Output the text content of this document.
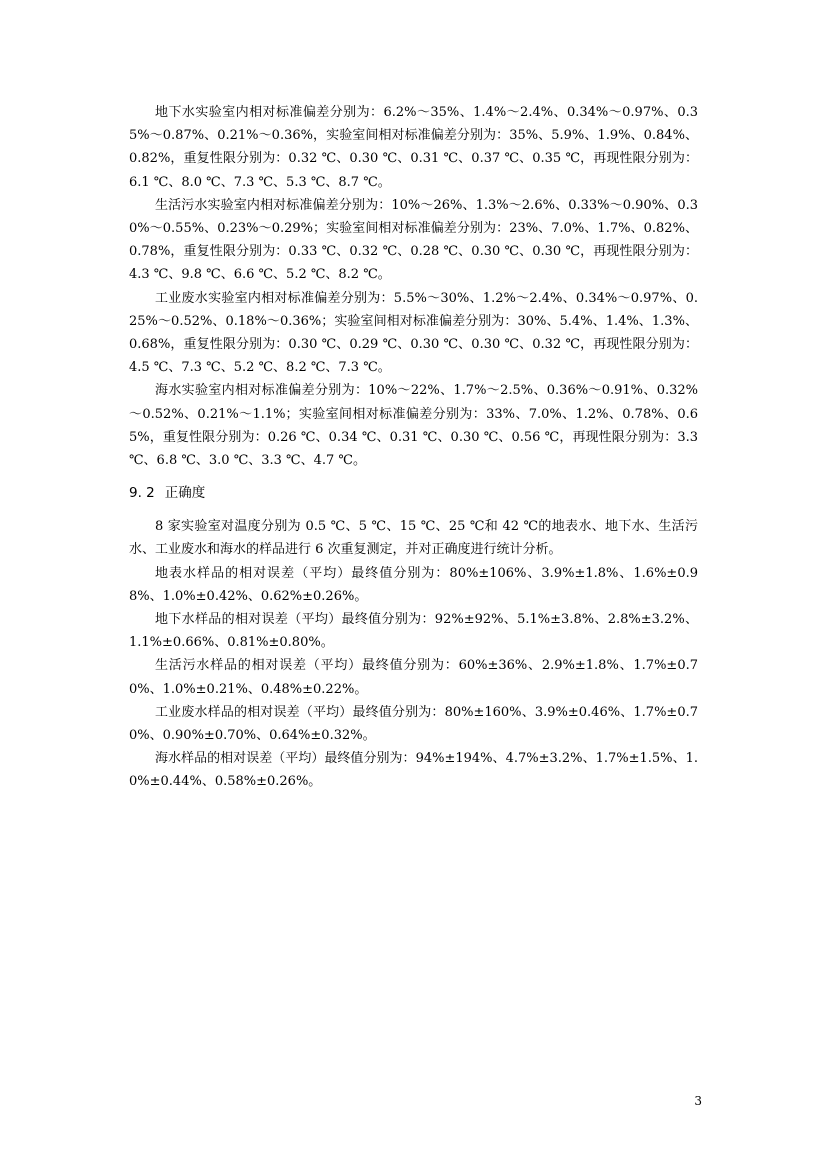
地下水实验室内相对标准偏差分别为：6.2%～35%、1.4%～2.4%、0.34%～0.97%、0.35%～0.87%、0.21%～0.36%，实验室间相对标准偏差分别为：35%、5.9%、1.9%、0.84%、0.82%，重复性限分别为：0.32 ℃、0.30 ℃、0.31 ℃、0.37 ℃、0.35 ℃，再现性限分别为：6.1 ℃、8.0 ℃、7.3 ℃、5.3 ℃、8.7 ℃。

生活污水实验室内相对标准偏差分别为：10%～26%、1.3%～2.6%、0.33%～0.90%、0.30%～0.55%、0.23%～0.29%；实验室间相对标准偏差分别为：23%、7.0%、1.7%、0.82%、0.78%，重复性限分别为：0.33 ℃、0.32 ℃、0.28 ℃、0.30 ℃、0.30 ℃，再现性限分别为：4.3 ℃、9.8 ℃、6.6 ℃、5.2 ℃、8.2 ℃。

工业废水实验室内相对标准偏差分别为：5.5%～30%、1.2%～2.4%、0.34%～0.97%、0.25%～0.52%、0.18%～0.36%；实验室间相对标准偏差分别为：30%、5.4%、1.4%、1.3%、0.68%，重复性限分别为：0.30 ℃、0.29 ℃、0.30 ℃、0.30 ℃、0.32 ℃，再现性限分别为：4.5 ℃、7.3 ℃、5.2 ℃、8.2 ℃、7.3 ℃。

海水实验室内相对标准偏差分别为：10%～22%、1.7%～2.5%、0.36%～0.91%、0.32%～0.52%、0.21%～1.1%；实验室间相对标准偏差分别为：33%、7.0%、1.2%、0.78%、0.65%，重复性限分别为：0.26 ℃、0.34 ℃、0.31 ℃、0.30 ℃、0.56 ℃，再现性限分别为：3.3 ℃、6.8 ℃、3.0 ℃、3.3 ℃、4.7 ℃。

9. 2 正确度

8 家实验室对温度分别为 0.5 ℃、5 ℃、15 ℃、25 ℃和 42 ℃的地表水、地下水、生活污水、工业废水和海水的样品进行 6 次重复测定，并对正确度进行统计分析。

地表水样品的相对误差（平均）最终值分别为：80%±106%、3.9%±1.8%、1.6%±0.98%、1.0%±0.42%、0.62%±0.26%。

地下水样品的相对误差（平均）最终值分别为：92%±92%、5.1%±3.8%、2.8%±3.2%、1.1%±0.66%、0.81%±0.80%。

生活污水样品的相对误差（平均）最终值分别为：60%±36%、2.9%±1.8%、1.7%±0.70%、1.0%±0.21%、0.48%±0.22%。

工业废水样品的相对误差（平均）最终值分别为：80%±160%、3.9%±0.46%、1.7%±0.70%、0.90%±0.70%、0.64%±0.32%。

海水样品的相对误差（平均）最终值分别为：94%±194%、4.7%±3.2%、1.7%±1.5%、1.0%±0.44%、0.58%±0.26%。

3
